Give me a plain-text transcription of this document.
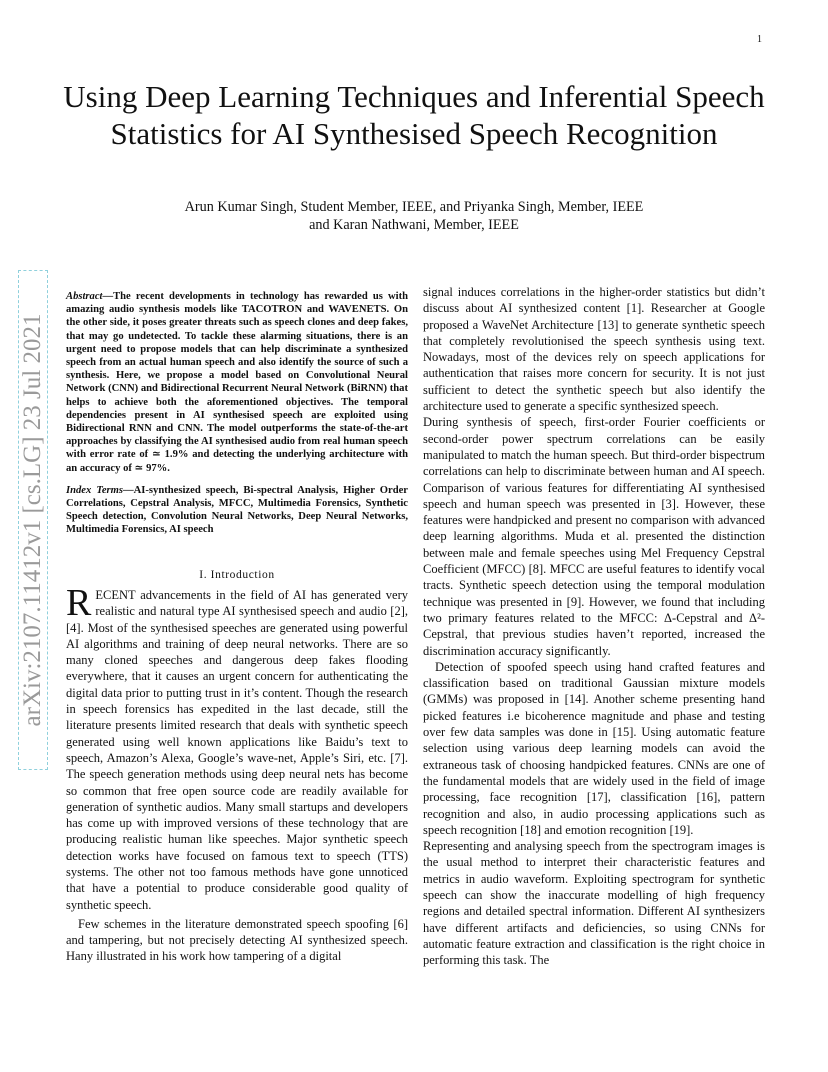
1
Using Deep Learning Techniques and Inferential Speech Statistics for AI Synthesised Speech Recognition
Arun Kumar Singh, Student Member, IEEE, and Priyanka Singh, Member, IEEE
and Karan Nathwani, Member, IEEE
arXiv:2107.11412v1 [cs.LG] 23 Jul 2021
Abstract—The recent developments in technology has rewarded us with amazing audio synthesis models like TACOTRON and WAVENETS. On the other side, it poses greater threats such as speech clones and deep fakes, that may go undetected. To tackle these alarming situations, there is an urgent need to propose models that can help discriminate a synthesized speech from an actual human speech and also identify the source of such a synthesis. Here, we propose a model based on Convolutional Neural Network (CNN) and Bidirectional Recurrent Neural Network (BiRNN) that helps to achieve both the aforementioned objectives. The temporal dependencies present in AI synthesised speech are exploited using Bidirectional RNN and CNN. The model outperforms the state-of-the-art approaches by classifying the AI synthesised audio from real human speech with error rate of ≃ 1.9% and detecting the underlying architecture with an accuracy of ≃ 97%.
Index Terms—AI-synthesized speech, Bi-spectral Analysis, Higher Order Correlations, Cepstral Analysis, MFCC, Multimedia Forensics, Synthetic Speech detection, Convolution Neural Networks, Deep Neural Networks, Multimedia Forensics, AI speech
I. Introduction

RECENT advancements in the field of AI has generated very realistic and natural type AI synthesised speech and audio [2], [4]. Most of the synthesised speeches are generated using powerful AI algorithms and training of deep neural networks. There are so many cloned speeches and dangerous deep fakes flooding everywhere, that it causes an urgent concern for authenticating the digital data prior to putting trust in it’s content. Though the research in speech forensics has expedited in the last decade, still the literature presents limited research that deals with synthetic speech generated using well known applications like Baidu’s text to speech, Amazon’s Alexa, Google’s wave-net, Apple’s Siri, etc. [7]. The speech generation methods using deep neural nets has become so common that free open source code are readily available for generation of synthetic audios. Many small startups and developers has come up with improved versions of these technology that are producing realistic human like speeches. Major synthetic speech detection works have focused on famous text to speech (TTS) systems. The other not too famous methods have gone unnoticed that have a potential to produce considerable good quality of synthetic speech.

Few schemes in the literature demonstrated speech spoofing [6] and tampering, but not precisely detecting AI synthesized speech. Hany illustrated in his work how tampering of a digital

signal induces correlations in the higher-order statistics but didn’t discuss about AI synthesized content [1]. Researcher at Google proposed a WaveNet Architecture [13] to generate synthetic speech that completely revolutionised the speech synthesis using text. Nowadays, most of the devices rely on speech applications for authentication that raises more concern for security. It is not just sufficient to detect the synthetic speech but also identify the architecture used to generate a specific synthesized speech.

During synthesis of speech, first-order Fourier coefficients or second-order power spectrum correlations can be easily manipulated to match the human speech. But third-order bispectrum correlations can help to discriminate between human and AI speech. Comparison of various features for differentiating AI synthesised speech and human speech was presented in [3]. However, these features were handpicked and present no comparison with advanced deep learning algorithms. Muda et al. presented the distinction between male and female speeches using Mel Frequency Cepstral Coefficient (MFCC) [8]. MFCC are useful features to identify vocal tracts. Synthetic speech detection using the temporal modulation technique was presented in [9]. However, we found that including two primary features related to the MFCC: Δ-Cepstral and Δ²-Cepstral, that previous studies haven’t reported, increased the discrimination accuracy significantly.

Detection of spoofed speech using hand crafted features and classification based on traditional Gaussian mixture models (GMMs) was proposed in [14]. Another scheme presenting hand picked features i.e bicoherence magnitude and phase and testing over few data samples was done in [15]. Using automatic feature selection using various deep learning models can avoid the extraneous task of choosing handpicked features. CNNs are one of the fundamental models that are widely used in the field of image processing, face recognition [17], classification [16], pattern recognition and also, in audio processing applications such as speech recognition [18] and emotion recognition [19].

Representing and analysing speech from the spectrogram images is the usual method to interpret their characteristic features and metrics in audio waveform. Exploiting spectrogram for synthetic speech can show the inaccurate modelling of high frequency regions and detailed spectral information. Different AI synthesizers have different artifacts and deficiencies, so using CNNs for automatic feature extraction and classification is the right choice in performing this task. The
